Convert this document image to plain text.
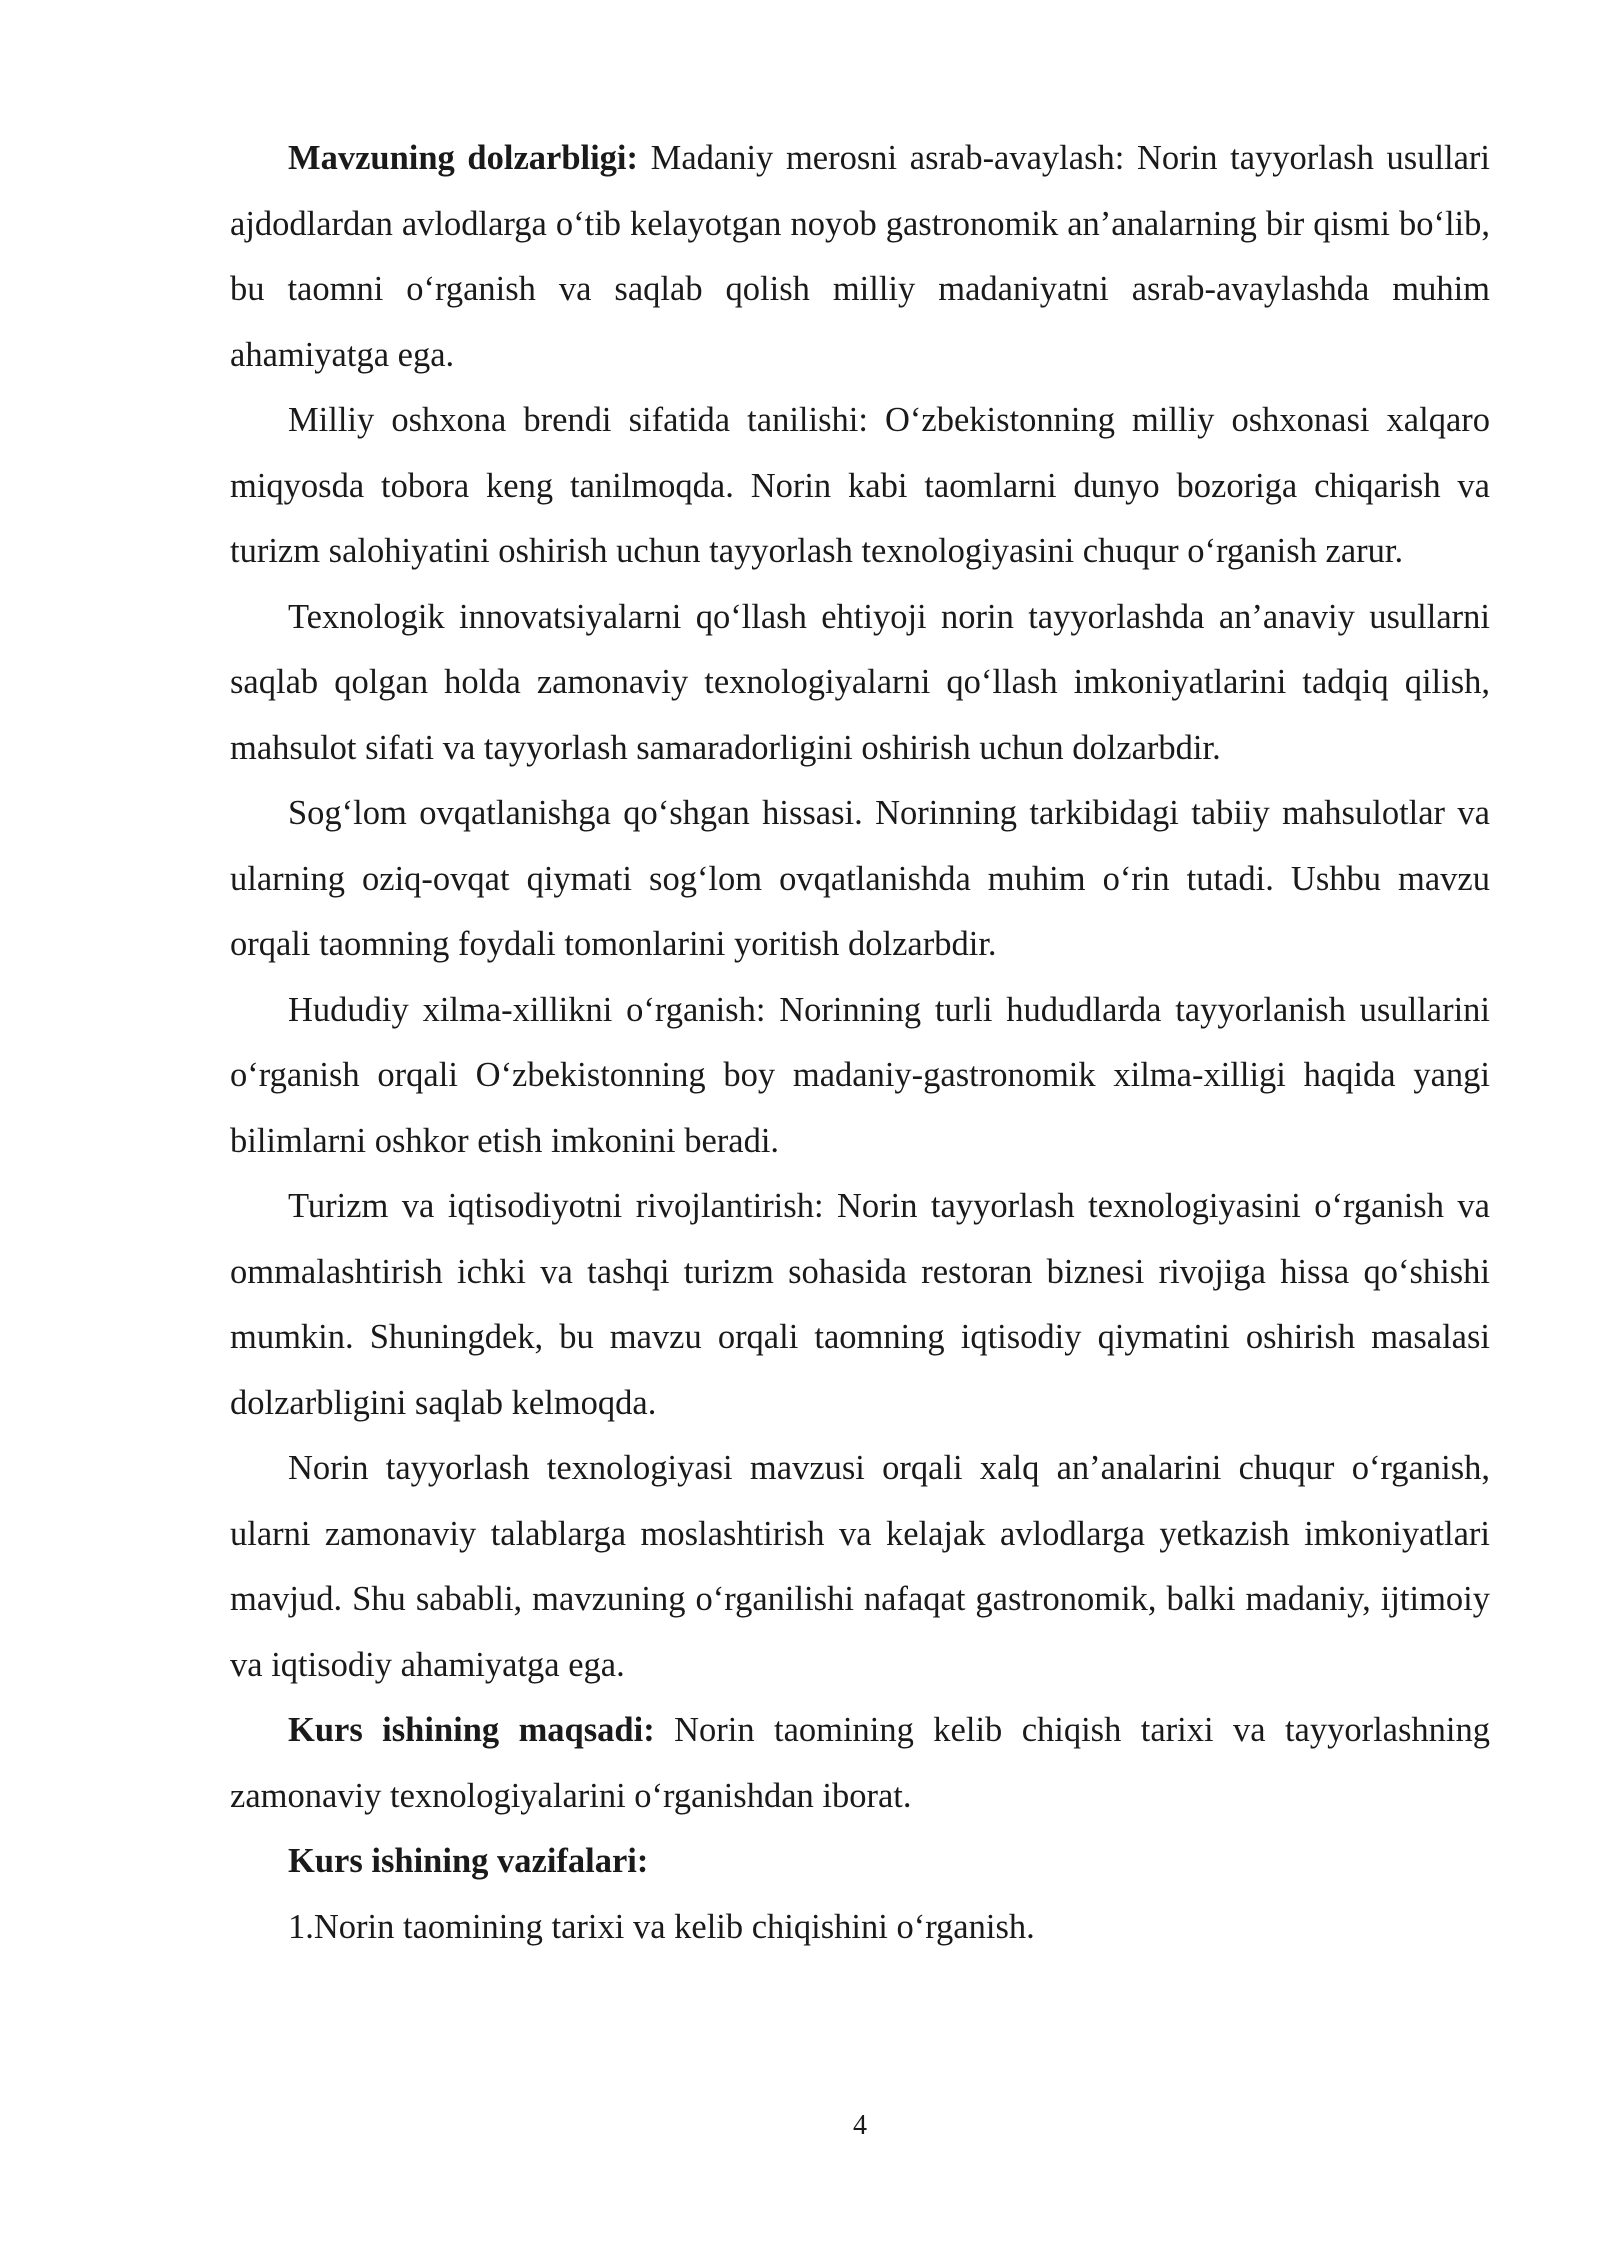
Mavzuning dolzarbligi: Madaniy merosni asrab-avaylash: Norin tayyorlash usullari ajdodlardan avlodlarga o‘tib kelayotgan noyob gastronomik an’analarning bir qismi bo‘lib, bu taomni o‘rganish va saqlab qolish milliy madaniyatni asrab-avaylashda muhim ahamiyatga ega.

Milliy oshxona brendi sifatida tanilishi: O‘zbekistonning milliy oshxonasi xalqaro miqyosda tobora keng tanilmoqda. Norin kabi taomlarni dunyo bozoriga chiqarish va turizm salohiyatini oshirish uchun tayyorlash texnologiyasini chuqur o‘rganish zarur.

Texnologik innovatsiyalarni qo‘llash ehtiyoji norin tayyorlashda an’anaviy usullarni saqlab qolgan holda zamonaviy texnologiyalarni qo‘llash imkoniyatlarini tadqiq qilish, mahsulot sifati va tayyorlash samaradorligini oshirish uchun dolzarbdir.

Sog‘lom ovqatlanishga qo‘shgan hissasi. Norinning tarkibidagi tabiiy mahsulotlar va ularning oziq-ovqat qiymati sog‘lom ovqatlanishda muhim o‘rin tutadi. Ushbu mavzu orqali taomning foydali tomonlarini yoritish dolzarbdir.

Hududiy xilma-xillikni o‘rganish: Norinning turli hududlarda tayyorlanish usullarini o‘rganish orqali O‘zbekistonning boy madaniy-gastronomik xilma-xilligi haqida yangi bilimlarni oshkor etish imkonini beradi.

Turizm va iqtisodiyotni rivojlantirish: Norin tayyorlash texnologiyasini o‘rganish va ommalashtirish ichki va tashqi turizm sohasida restoran biznesi rivojiga hissa qo‘shishi mumkin. Shuningdek, bu mavzu orqali taomning iqtisodiy qiymatini oshirish masalasi dolzarbligini saqlab kelmoqda.

Norin tayyorlash texnologiyasi mavzusi orqali xalq an’analarini chuqur o‘rganish, ularni zamonaviy talablarga moslashtirish va kelajak avlodlarga yetkazish imkoniyatlari mavjud. Shu sababli, mavzuning o‘rganilishi nafaqat gastronomik, balki madaniy, ijtimoiy va iqtisodiy ahamiyatga ega.

Kurs ishining maqsadi: Norin taomining kelib chiqish tarixi va tayyorlashning zamonaviy texnologiyalarini o‘rganishdan iborat.

Kurs ishining vazifalari:

1.Norin taomining tarixi va kelib chiqishini o‘rganish.

4
